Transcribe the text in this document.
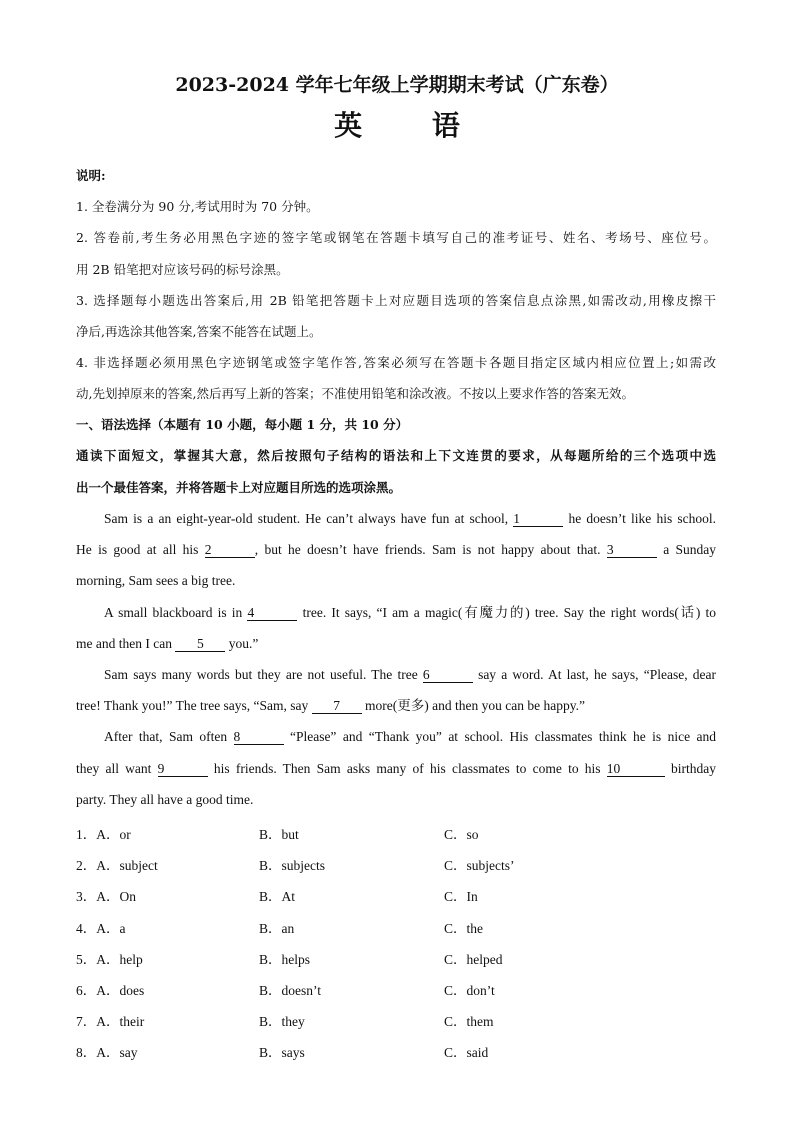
2023-2024 学年七年级上学期期末考试（广东卷）
英 语
说明:
1. 全卷满分为 90 分,考试用时为 70 分钟。
2. 答卷前,考生务必用黑色字迹的签字笔或钢笔在答题卡填写自己的准考证号、姓名、考场号、座位号。
用 2B 铅笔把对应该号码的标号涂黑。
3. 选择题每小题选出答案后,用 2B 铅笔把答题卡上对应题目选项的答案信息点涂黑,如需改动,用橡皮擦干
净后,再选涂其他答案,答案不能答在试题上。
4. 非选择题必须用黑色字迹钢笔或签字笔作答,答案必须写在答题卡各题目指定区域内相应位置上;如需改
动,先划掉原来的答案,然后再写上新的答案；不准使用铅笔和涂改液。不按以上要求作答的答案无效。
一、语法选择（本题有 10 小题，每小题 1 分，共 10 分）
通读下面短文，掌握其大意，然后按照句子结构的语法和上下文连贯的要求，从每题所给的三个选项中选
出一个最佳答案，并将答题卡上对应题目所选的选项涂黑。
Sam is a an eight-year-old student. He can’t always have fun at school, 1	he doesn’t like his school.
He is good at all his 2	, but he doesn’t have friends. Sam is not happy about that. 3	a Sunday
morning, Sam sees a big tree.
A small blackboard is in 4	tree. It says, “I am a magic(有魔力的) tree. Say the right words(话) to
me and then I can 5 you.”
Sam says many words but they are not useful. The tree 6	say a word. At last, he says, “Please, dear
tree! Thank you!” The tree says, “Sam, say 7 more(更多) and then you can be happy.”
After that, Sam often 8	“Please” and “Thank you” at school. His classmates think he is nice and
they all want 9	his friends. Then Sam asks many of his classmates to come to his 10	birthday
party. They all have a good time.
1．A．or	B．but	C．so
2．A．subject	B．subjects	C．subjects’
3．A．On	B．At	C．In
4．A．a	B．an	C．the
5．A．help	B．helps	C．helped
6．A．does	B．doesn’t	C．don’t
7．A．their	B．they	C．them
8．A．say	B．says	C．said
